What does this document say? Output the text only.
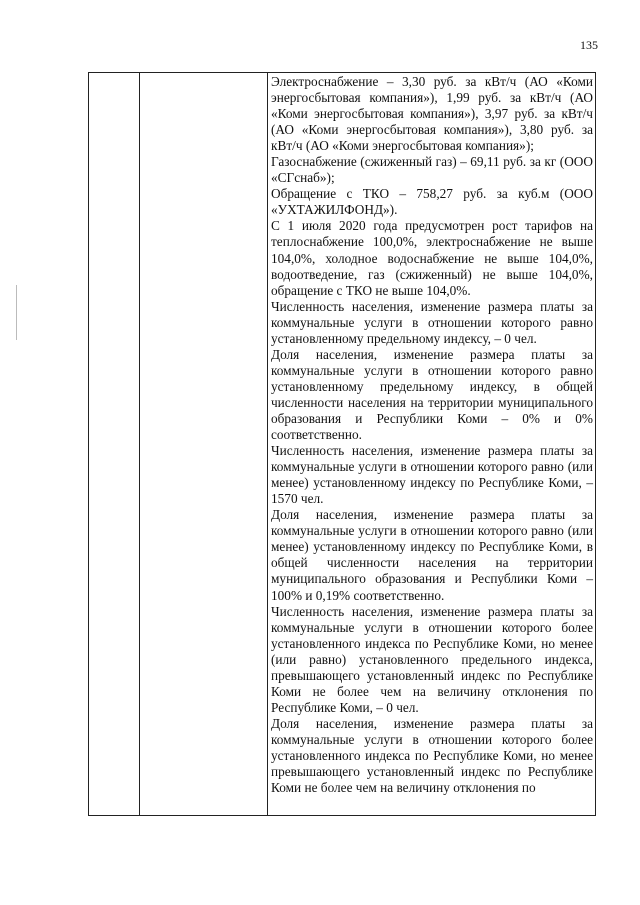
135

Электроснабжение – 3,30 руб. за кВт/ч (АО «Коми энергосбытовая компания»), 1,99 руб. за кВт/ч (АО «Коми энергосбытовая компания»), 3,97 руб. за кВт/ч (АО «Коми энергосбытовая компания»), 3,80 руб. за кВт/ч (АО «Коми энергосбытовая компания»);

Газоснабжение (сжиженный газ) – 69,11 руб. за кг (ООО «СГснаб»);

Обращение с ТКО – 758,27 руб. за куб.м (ООО «УХТАЖИЛФОНД»).

С 1 июля 2020 года предусмотрен рост тарифов на теплоснабжение 100,0%, электроснабжение не выше 104,0%, холодное водоснабжение не выше 104,0%, водоотведение, газ (сжиженный) не выше 104,0%, обращение с ТКО не выше 104,0%.

Численность населения, изменение размера платы за коммунальные услуги в отношении которого равно установленному предельному индексу, – 0 чел.

Доля населения, изменение размера платы за коммунальные услуги в отношении которого равно установленному предельному индексу, в общей численности населения на территории муниципального образования и Республики Коми – 0% и 0% соответственно.

Численность населения, изменение размера платы за коммунальные услуги в отношении которого равно (или менее) установленному индексу по Республике Коми, – 1570 чел.

Доля населения, изменение размера платы за коммунальные услуги в отношении которого равно (или менее) установленному индексу по Республике Коми, в общей численности населения на территории муниципального образования и Республики Коми – 100% и 0,19% соответственно.

Численность населения, изменение размера платы за коммунальные услуги в отношении которого более установленного индекса по Республике Коми, но менее (или равно) установленного предельного индекса, превышающего установленный индекс по Республике Коми не более чем на величину отклонения по Республике Коми, – 0 чел.

Доля населения, изменение размера платы за коммунальные услуги в отношении которого более установленного индекса по Республике Коми, но менее превышающего установленный индекс по Республике Коми не более чем на величину отклонения по
